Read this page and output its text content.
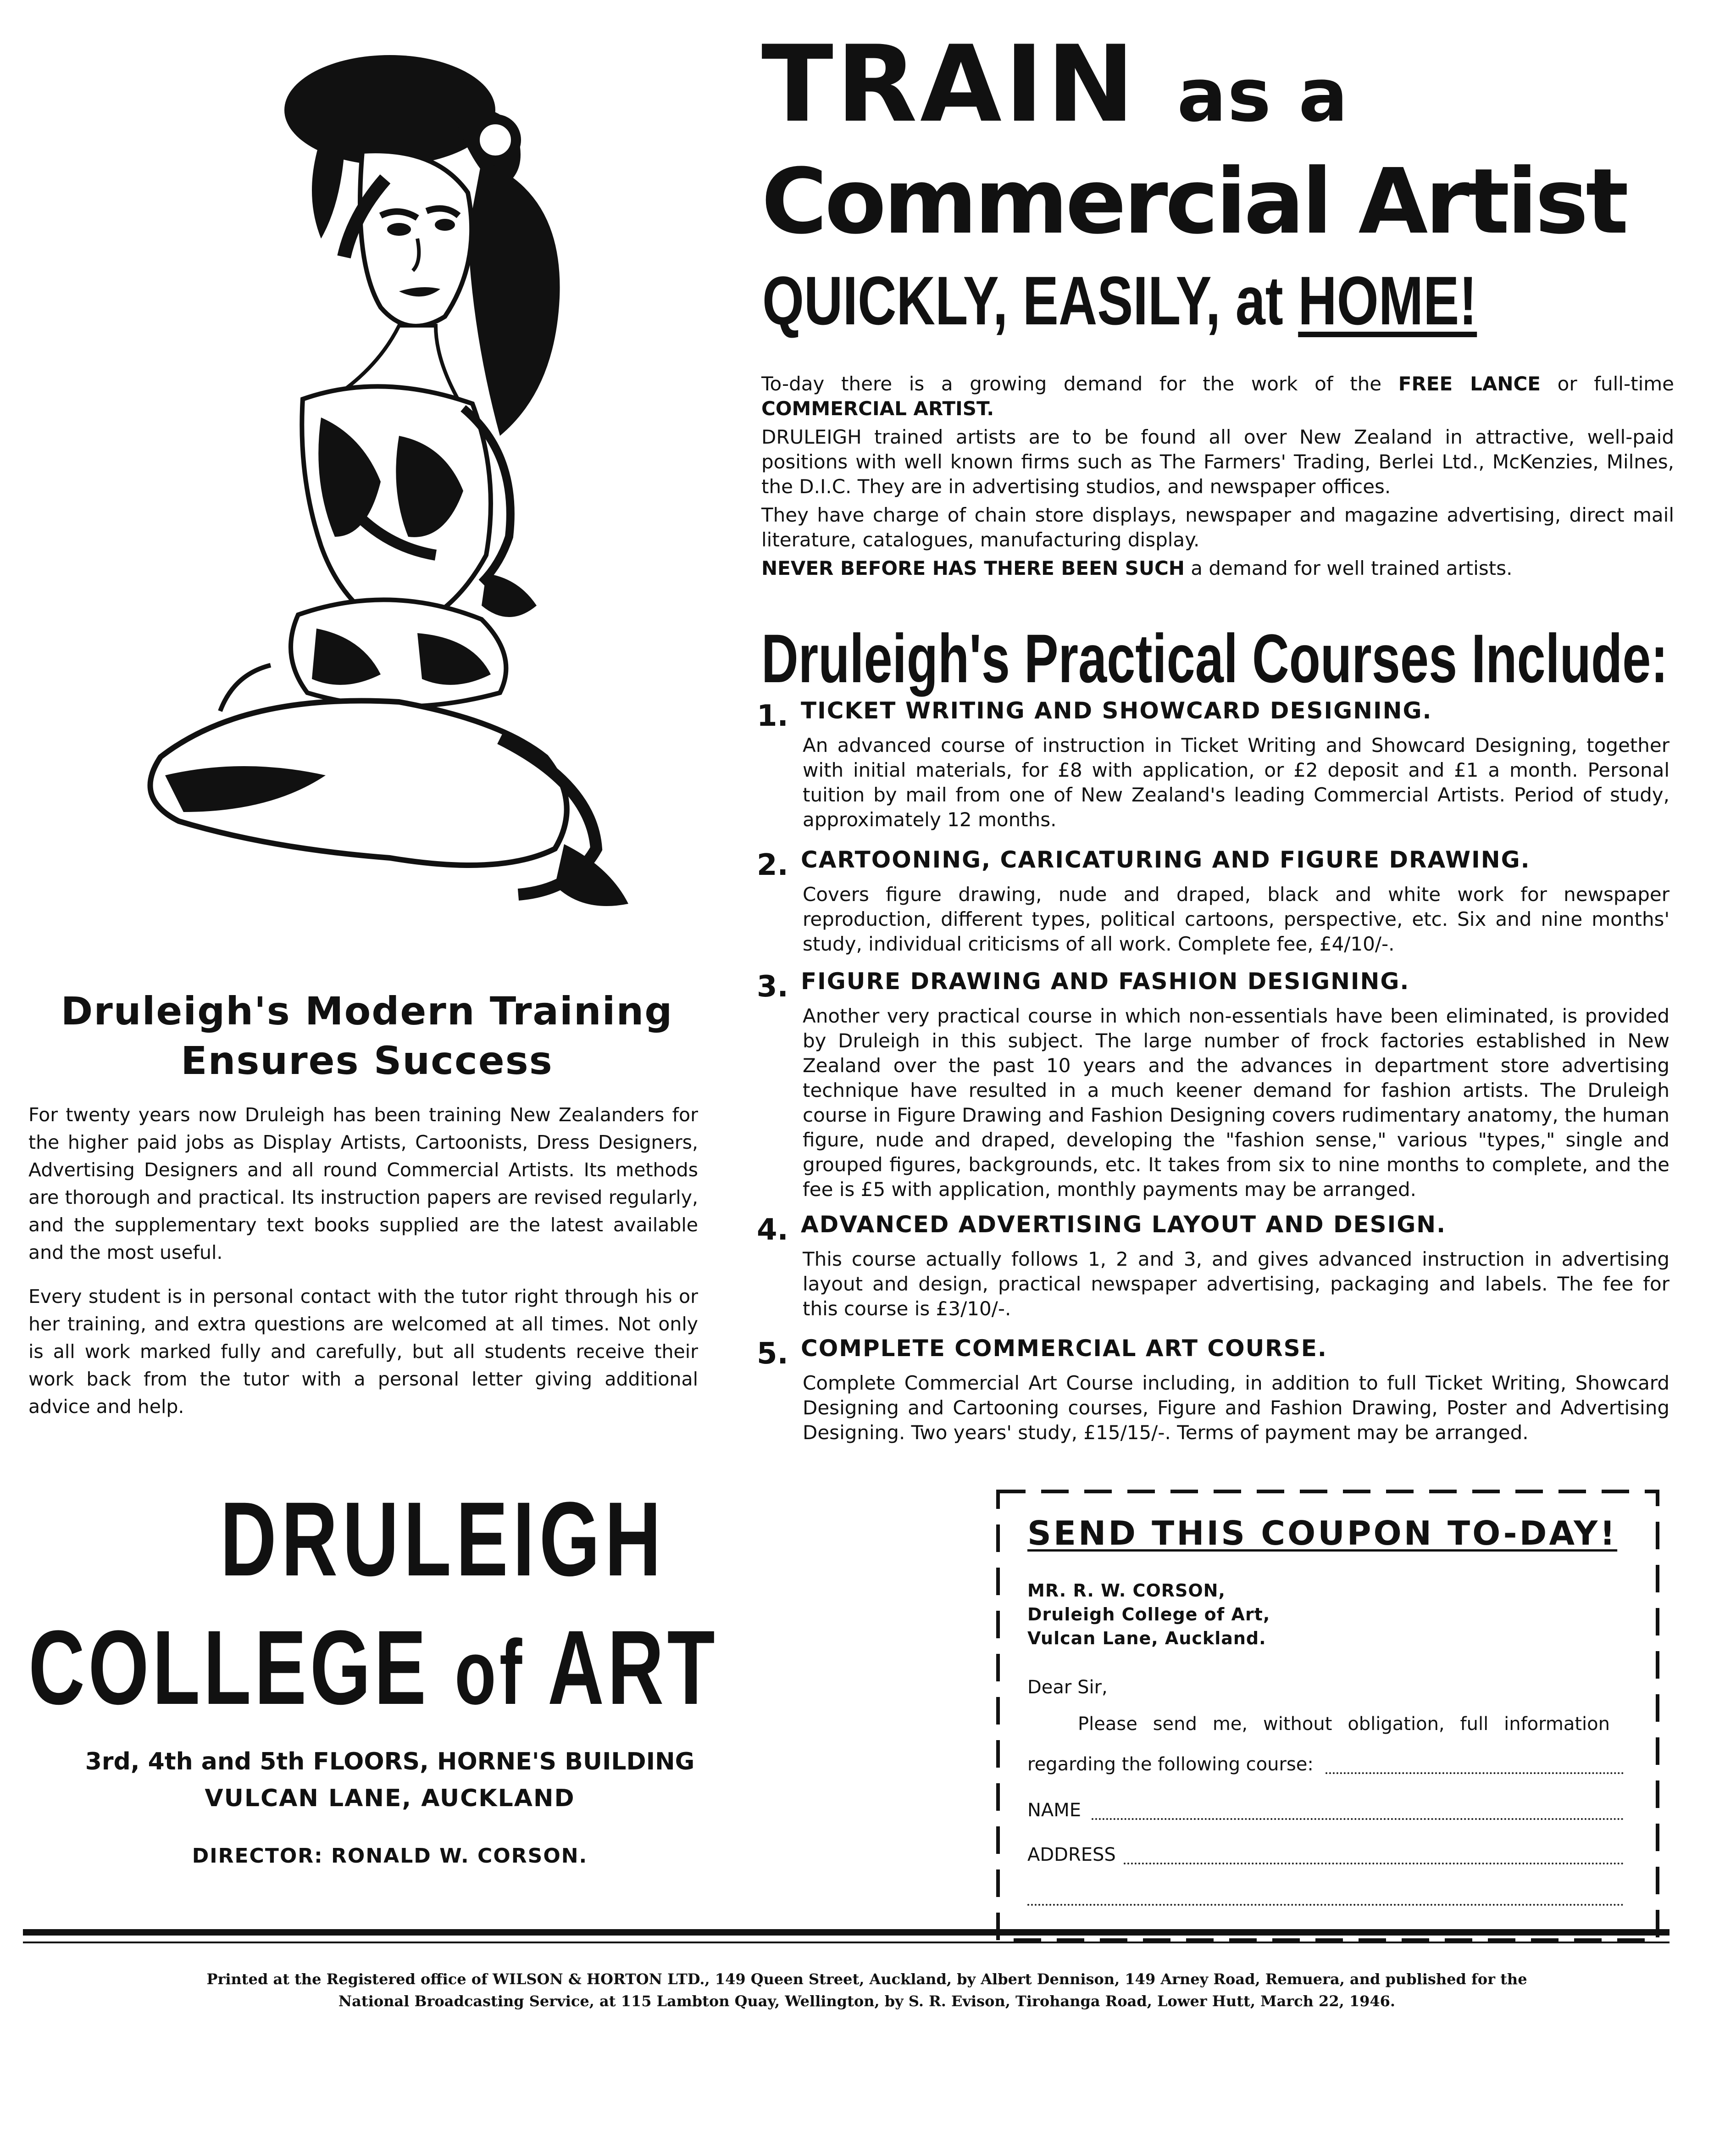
TRAIN as a
Commercial Artist
QUICKLY, EASILY, at HOME!

To-day there is a growing demand for the work of the FREE LANCE or full-time COMMERCIAL ARTIST.

DRULEIGH trained artists are to be found all over New Zealand in attractive, well-paid positions with well known firms such as The Farmers' Trading, Berlei Ltd., McKenzies, Milnes, the D.I.C. They are in advertising studios, and newspaper offices.

They have charge of chain store displays, newspaper and magazine advertising, direct mail literature, catalogues, manufacturing display.

NEVER BEFORE HAS THERE BEEN SUCH a demand for well trained artists.

Druleigh's Practical Courses Include:
1. TICKET WRITING AND SHOWCARD DESIGNING.
An advanced course of instruction in Ticket Writing and Showcard Designing, together with initial materials, for £8 with application, or £2 deposit and £1 a month. Personal tuition by mail from one of New Zealand's leading Commercial Artists. Period of study, approximately 12 months.
2. CARTOONING, CARICATURING AND FIGURE DRAWING.
Covers figure drawing, nude and draped, black and white work for newspaper reproduction, different types, political cartoons, perspective, etc. Six and nine months' study, individual criticisms of all work. Complete fee, £4/10/-.
3. FIGURE DRAWING AND FASHION DESIGNING.
Another very practical course in which non-essentials have been eliminated, is provided by Druleigh in this subject. The large number of frock factories established in New Zealand over the past 10 years and the advances in department store advertising technique have resulted in a much keener demand for fashion artists. The Druleigh course in Figure Drawing and Fashion Designing covers rudimentary anatomy, the human figure, nude and draped, developing the "fashion sense," various "types," single and grouped figures, backgrounds, etc. It takes from six to nine months to complete, and the fee is £5 with application, monthly payments may be arranged.
4. ADVANCED ADVERTISING LAYOUT AND DESIGN.
This course actually follows 1, 2 and 3, and gives advanced instruction in advertising layout and design, practical newspaper advertising, packaging and labels. The fee for this course is £3/10/-.
5. COMPLETE COMMERCIAL ART COURSE.
Complete Commercial Art Course including, in addition to full Ticket Writing, Showcard Designing and Cartooning courses, Figure and Fashion Drawing, Poster and Advertising Designing. Two years' study, £15/15/-. Terms of payment may be arranged.
Druleigh's Modern Training
Ensures Success

For twenty years now Druleigh has been training New Zealanders for the higher paid jobs as Display Artists, Cartoonists, Dress Designers, Advertising Designers and all round Commercial Artists. Its methods are thorough and practical. Its instruction papers are revised regularly, and the supplementary text books supplied are the latest available and the most useful.

Every student is in personal contact with the tutor right through his or her training, and extra questions are welcomed at all times. Not only is all work marked fully and carefully, but all students receive their work back from the tutor with a personal letter giving additional advice and help.

DRULEIGH
COLLEGE of ART
3rd, 4th and 5th FLOORS, HORNE'S BUILDING
VULCAN LANE, AUCKLAND
DIRECTOR: RONALD W. CORSON.
SEND THIS COUPON TO-DAY!
MR. R. W. CORSON,
Druleigh College of Art,
Vulcan Lane, Auckland.
Dear Sir,
Please send me, without obligation, full information
regarding the following course:
NAME
ADDRESS
Printed at the Registered office of WILSON & HORTON LTD., 149 Queen Street, Auckland, by Albert Dennison, 149 Arney Road, Remuera, and published for the
National Broadcasting Service, at 115 Lambton Quay, Wellington, by S. R. Evison, Tirohanga Road, Lower Hutt, March 22, 1946.
